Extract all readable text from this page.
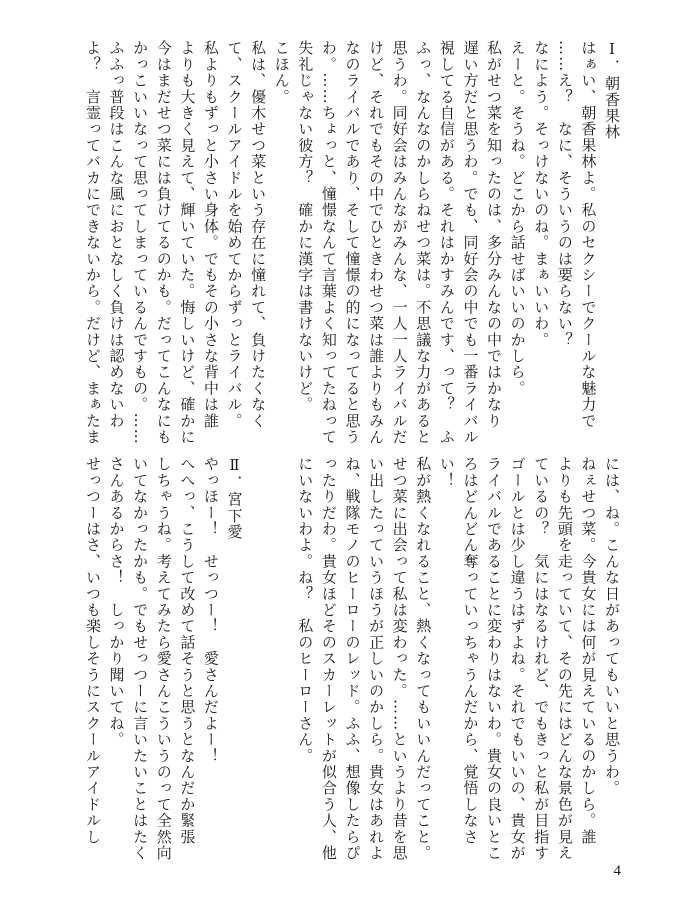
Ⅰ．朝香果林

はぁい、朝香果林よ。私のセクシーでクールな魅力で

……え？　なに、そういうのは要らない？

なによう。そっけないのね。まぁいいわ。

えーと。そうね。どこから話せばいいのかしら。

私がせつ菜を知ったのは、多分みんなの中ではかなり

遅い方だと思うわ。でも、同好会の中でも一番ライバル

視してる自信がある。それはかすみんです、って？　ふ

ふっ、なんなのかしらねせつ菜は。不思議な力があると

思うわ。同好会はみんながみんな、一人一人ライバルだ

けど、それでもその中でひときわせつ菜は誰よりもみん

なのライバルであり、そして憧憬の的になってると思う

わ。……ちょっと、憧憬なんて言葉よく知ってたねって

失礼じゃない彼方？　確かに漢字は書けないけど。

こほん。

私は、優木せつ菜という存在に憧れて、負けたくなく

て、スクールアイドルを始めてからずっとライバル。

私よりもずっと小さい身体。でもその小さな背中は誰

よりも大きく見えて、輝いていた。悔しいけど、確かに

今はまだせつ菜には負けてるのかも。だってこんなにも

かっこいいなって思ってしまっているんですもの。……

ふふっ普段はこんな風におとなしく負けは認めないわ

よ？　言霊ってバカにできないから。だけど、まぁたま

には、ね。こんな日があってもいいと思うわ。

ねぇせつ菜。今貴女には何が見えているのかしら。誰

よりも先頭を走っていて、その先にはどんな景色が見え

ているの？　気にはなるけれど、でもきっと私が目指す

ゴールとは少し違うはずよね。それでもいいの、貴女が

ライバルであることに変わりはないわ。貴女の良いとこ

ろはどんどん奪っていっちゃうんだから、覚悟しなさ

い！

私が熱くなれること、熱くなってもいいんだってこと。

せつ菜に出会って私は変わった。……というより昔を思

い出したっていうほうが正しいのかしら。貴女はあれよ

ね、戦隊モノのヒーローのレッド。ふふ、想像したらぴ

ったりだわ。貴女ほどそのスカーレットが似合う人、他

にいないわよ。ね？　私のヒーローさん。

Ⅱ．宮下愛

やっほー！　せっつー！　愛さんだよー！

へへっ、こうして改めて話そうと思うとなんだか緊張

しちゃうね。考えてみたら愛さんこういうのって全然向

いてなかったかも。でもせっつーに言いたいことはたく

さんあるからさ！　しっかり聞いてね。

せっつーはさ、いつも楽しそうにスクールアイドルし

4
